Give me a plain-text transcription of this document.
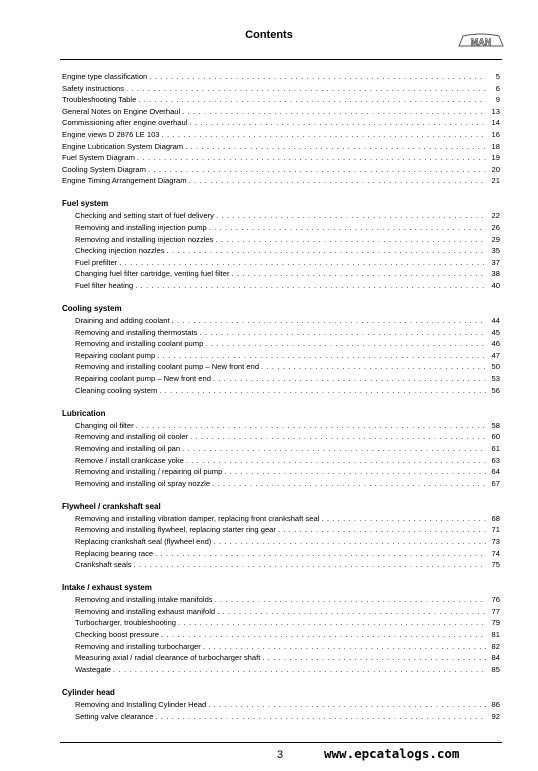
Contents
MAN
Engine type classification . . .	5
Safety instructions . . .	6
Troubleshooting Table . . .	9
General Notes on Engine Overhaul . . .	13
Commissioning after engine overhaul . . .	14
Engine views D 2876 LE 103 . . .	16
Engine Lubrication System Diagram . . .	18
Fuel System Diagram . . .	19
Cooling System Diagram . . .	20
Engine Timing Arrangement Diagram . . .	21
Fuel system
Checking and setting start of fuel delivery . . .	22
Removing and installing injection pump . . .	26
Removing and installing injection nozzles . . .	29
Checking injection nozzles . . .	35
Fuel prefilter . . .	37
Changing fuel filter cartridge, venting fuel filter . . .	38
Fuel filter heating . . .	40
Cooling system
Draining and adding coolant . . .	44
Removing and installing thermostats . . .	45
Removing and installing coolant pump . . .	46
Repairing coolant pump . . .	47
Removing and installing coolant pump – New front end . . .	50
Repairing coolant pump – New front end . . .	53
Cleaning cooling system . . .	56
Lubrication
Changing oil filter . . .	58
Removing and installing oil cooler . . .	60
Removing and installing oil pan . . .	61
Remove / install crankcase yoke . . .	63
Removing and installing / repairing oil pump . . .	64
Removing and installing oil spray nozzle . . .	67
Flywheel / crankshaft seal
Removing and installing vibration damper, replacing front crankshaft seal . . .	68
Removing and installing flywheel, replacing starter ring gear . . .	71
Replacing crankshaft seal (flywheel end) . . .	73
Replacing bearing race . . .	74
Crankshaft seals . . .	75
Intake / exhaust system
Removing and installing intake manifolds . . .	76
Removing and installing exhaust manifold . . .	77
Turbocharger, troubleshooting . . .	79
Checking boost pressure . . .	81
Removing and installing turbocharger . . .	82
Measuring axial / radial clearance of turbocharger shaft . . .	84
Wastegate . . .	85
Cylinder head
Removing and Installing Cylinder Head . . .	86
Setting valve clearance . . .	92
3	www.epcatalogs.com
